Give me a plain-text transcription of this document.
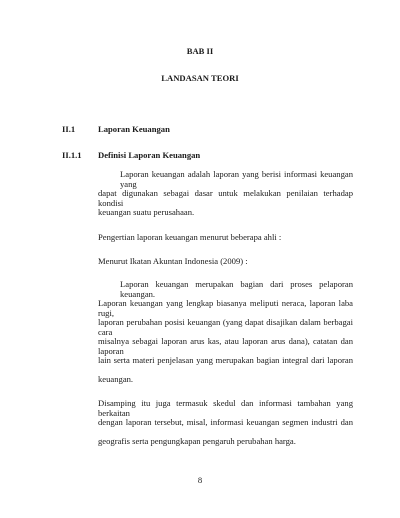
BAB II

LANDASAN TEORI

II.1	Laporan Keuangan

II.1.1 Definisi Laporan Keuangan

Laporan keuangan adalah laporan yang berisi informasi keuangan yang

dapat digunakan sebagai dasar untuk melakukan penilaian terhadap kondisi

keuangan suatu perusahaan.

Pengertian laporan keuangan menurut beberapa ahli :

Menurut Ikatan Akuntan Indonesia (2009) :

Laporan keuangan merupakan bagian dari proses pelaporan keuangan.

Laporan keuangan yang lengkap biasanya meliputi neraca, laporan laba rugi,

laporan perubahan posisi keuangan (yang dapat disajikan dalam berbagai cara

misalnya sebagai laporan arus kas, atau laporan arus dana), catatan dan laporan

lain serta materi penjelasan yang merupakan bagian integral dari laporan

keuangan.

Disamping itu juga termasuk skedul dan informasi tambahan yang berkaitan

dengan laporan tersebut, misal, informasi keuangan segmen industri dan

geografis serta pengungkapan pengaruh perubahan harga.

8
